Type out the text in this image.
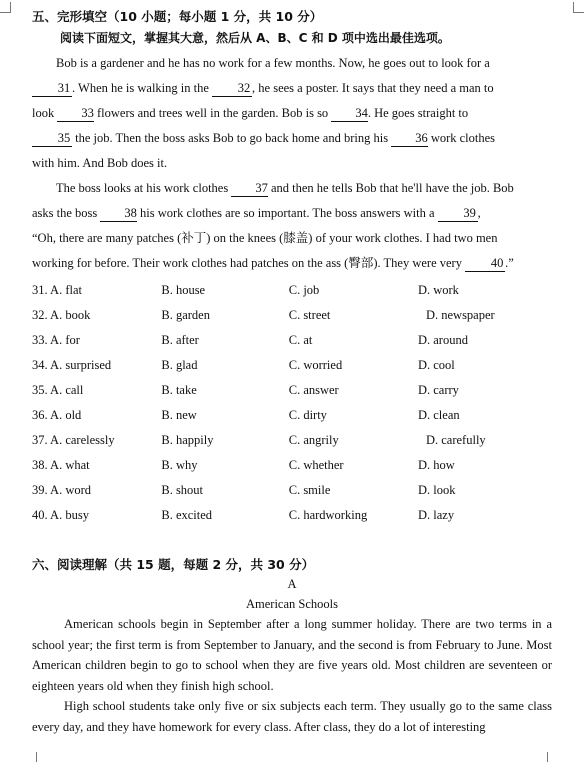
五、完形填空（10 小题；每小题 1 分，共 10 分）

阅读下面短文，掌握其大意，然后从 A、B、C 和 D 项中选出最佳选项。

Bob is a gardener and he has no work for a few months. Now, he goes out to look for a
31 . When he is walking in the 32 , he sees a poster. It says that they need a man to
look 33 flowers and trees well in the garden. Bob is so 34. He goes straight to
35 the job. Then the boss asks Bob to go back home and bring his 36 work clothes
with him. And Bob does it.

The boss looks at his work clothes 37 and then he tells Bob that he'll have the job. Bob
asks the boss 38 his work clothes are so important. The boss answers with a 39 ,
“Oh, there are many patches (补丁) on the knees (膝盖) of your work clothes. I had two men
working for before. Their work clothes had patches on the ass (臀部). They were very 40 .”

31. A. flat	B. house	C. job	D. work
32. A. book	B. garden	C. street	D. newspaper
33. A. for	B. after	C. at	D. around
34. A. surprised	B. glad	C. worried	D. cool
35. A. call	B. take	C. answer	D. carry
36. A. old	B. new	C. dirty	D. clean
37. A. carelessly	B. happily	C. angrily	D. carefully
38. A. what	B. why	C. whether	D. how
39. A. word	B. shout	C. smile	D. look
40. A. busy	B. excited	C. hardworking	D. lazy

六、阅读理解（共 15 题，每题 2 分，共 30 分）

A

American Schools

American schools begin in September after a long summer holiday. There are two terms in a school year; the first term is from September to January, and the second is from February to June. Most American children begin to go to school when they are five years old. Most children are seventeen or eighteen years old when they finish high school.

High school students take only five or six subjects each term. They usually go to the same class every day, and they have homework for every class. After class, they do a lot of interesting
